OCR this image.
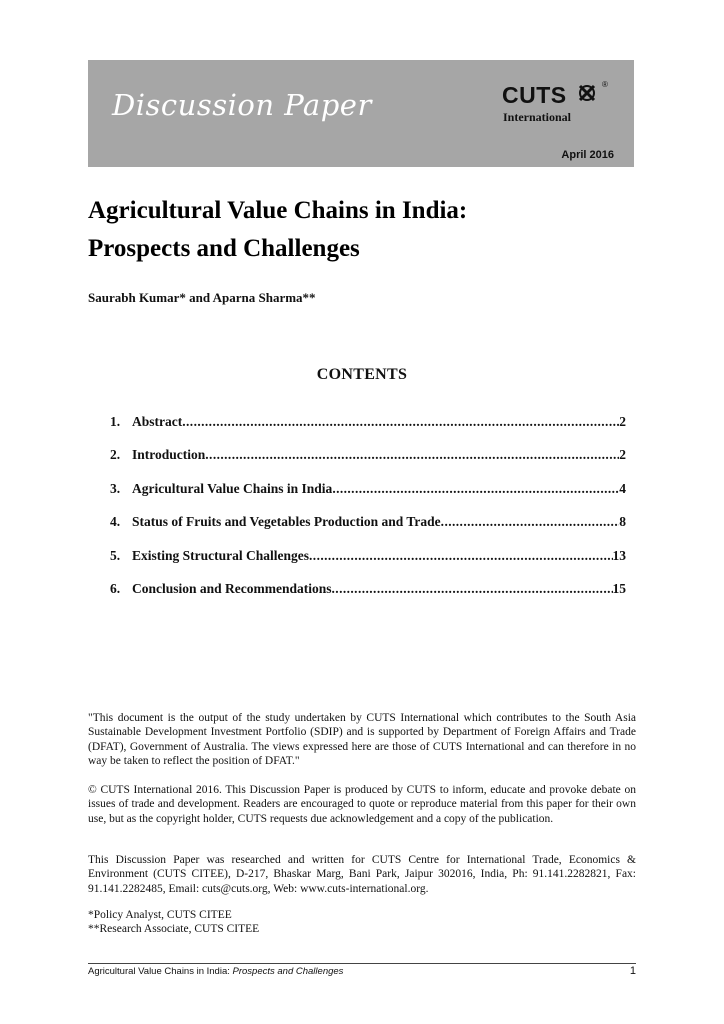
Discussion Paper	CUTS	®
International
April 2016
Agricultural Value Chains in India:
Prospects and Challenges
Saurabh Kumar* and Aparna Sharma**
CONTENTS
1. Abstract .....	2
2. Introduction .....	2
3. Agricultural Value Chains in India .....	4
4. Status of Fruits and Vegetables Production and Trade .....	8
5. Existing Structural Challenges .....	13
6. Conclusion and Recommendations .....	15

"This document is the output of the study undertaken by CUTS International which contributes to the South Asia Sustainable Development Investment Portfolio (SDIP) and is supported by Department of Foreign Affairs and Trade (DFAT), Government of Australia. The views expressed here are those of CUTS International and can therefore in no way be taken to reflect the position of DFAT."

© CUTS International 2016. This Discussion Paper is produced by CUTS to inform, educate and provoke debate on issues of trade and development. Readers are encouraged to quote or reproduce material from this paper for their own use, but as the copyright holder, CUTS requests due acknowledgement and a copy of the publication.

This Discussion Paper was researched and written for CUTS Centre for International Trade, Economics & Environment (CUTS CITEE), D-217, Bhaskar Marg, Bani Park, Jaipur 302016, India, Ph: 91.141.2282821, Fax: 91.141.2282485, Email: cuts@cuts.org, Web: www.cuts-international.org.

*Policy Analyst, CUTS CITEE
**Research Associate, CUTS CITEE
Agricultural Value Chains in India: Prospects and Challenges	1
